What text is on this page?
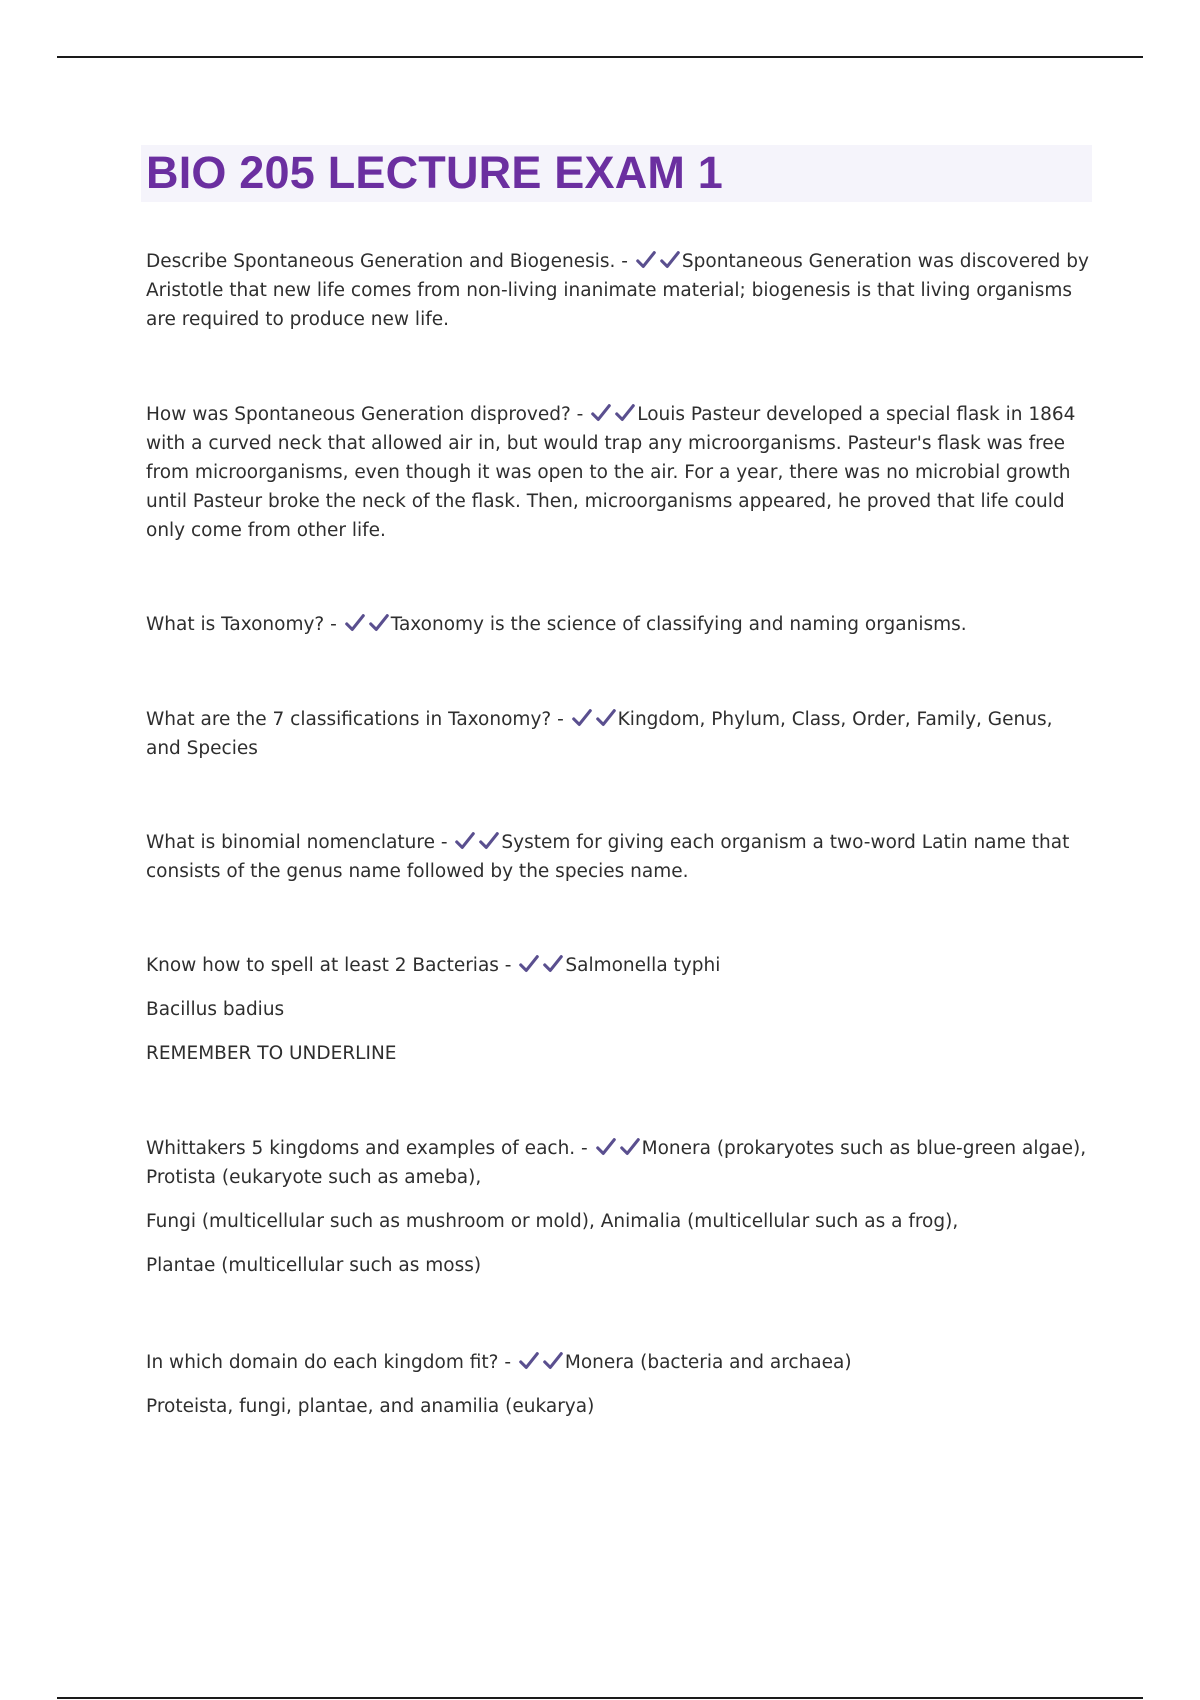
BIO 205 LECTURE EXAM 1

Describe Spontaneous Generation and Biogenesis. -	Spontaneous Generation was discovered by Aristotle that new life comes from non-living inanimate material; biogenesis is that living organisms are required to produce new life.

How was Spontaneous Generation disproved? -	Louis Pasteur developed a special flask in 1864 with a curved neck that allowed air in, but would trap any microorganisms. Pasteur's flask was free from microorganisms, even though it was open to the air. For a year, there was no microbial growth until Pasteur broke the neck of the flask. Then, microorganisms appeared, he proved that life could only come from other life.

What is Taxonomy? -	Taxonomy is the science of classifying and naming organisms.

What are the 7 classifications in Taxonomy? -	Kingdom, Phylum, Class, Order, Family, Genus, and Species

What is binomial nomenclature -	System for giving each organism a two-word Latin name that consists of the genus name followed by the species name.

Know how to spell at least 2 Bacterias -	Salmonella typhi

Bacillus badius

REMEMBER TO UNDERLINE

Whittakers 5 kingdoms and examples of each. -	Monera (prokaryotes such as blue-green algae), Protista (eukaryote such as ameba),

Fungi (multicellular such as mushroom or mold), Animalia (multicellular such as a frog),

Plantae (multicellular such as moss)

In which domain do each kingdom fit? -	Monera (bacteria and archaea)

Proteista, fungi, plantae, and anamilia (eukarya)
